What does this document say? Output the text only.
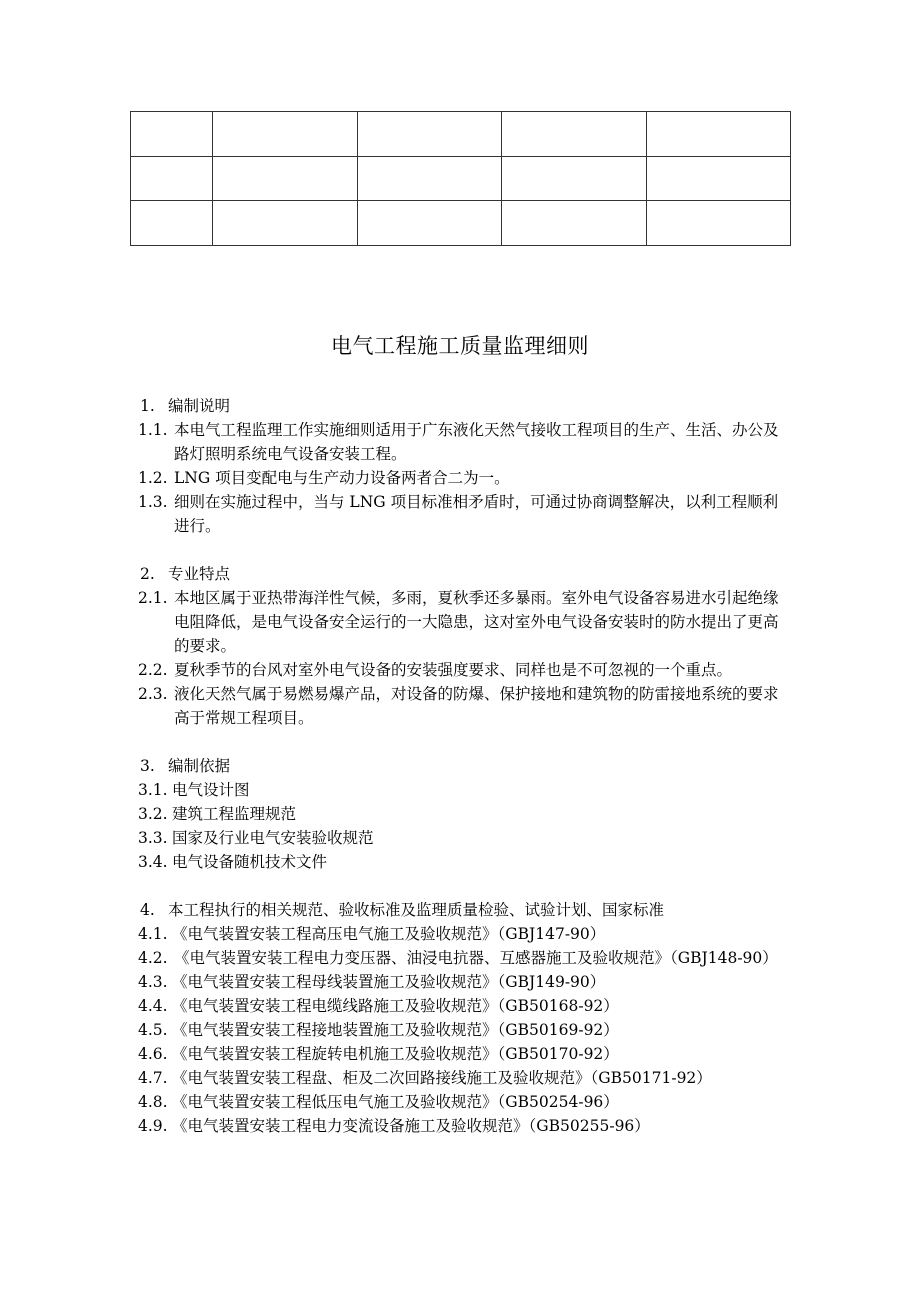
电气工程施工质量监理细则
1. 编制说明
1.1. 本电气工程监理工作实施细则适用于广东液化天然气接收工程项目的生产、生活、办公及路灯照明系统电气设备安装工程。
1.2. LNG 项目变配电与生产动力设备两者合二为一。
1.3. 细则在实施过程中，当与 LNG 项目标准相矛盾时，可通过协商调整解决，以利工程顺利进行。
2. 专业特点
2.1. 本地区属于亚热带海洋性气候，多雨，夏秋季还多暴雨。室外电气设备容易进水引起绝缘电阻降低，是电气设备安全运行的一大隐患，这对室外电气设备安装时的防水提出了更高的要求。
2.2. 夏秋季节的台风对室外电气设备的安装强度要求、同样也是不可忽视的一个重点。
2.3. 液化天然气属于易燃易爆产品，对设备的防爆、保护接地和建筑物的防雷接地系统的要求高于常规工程项目。
3. 编制依据
3.1. 电气设计图
3.2. 建筑工程监理规范
3.3. 国家及行业电气安装验收规范
3.4. 电气设备随机技术文件
4. 本工程执行的相关规范、验收标准及监理质量检验、试验计划、国家标准
4.1. 《电气装置安装工程高压电气施工及验收规范》（GBJ147-90）
4.2. 《电气装置安装工程电力变压器、油浸电抗器、互感器施工及验收规范》（GBJ148-90）
4.3. 《电气装置安装工程母线装置施工及验收规范》（GBJ149-90）
4.4. 《电气装置安装工程电缆线路施工及验收规范》（GB50168-92）
4.5. 《电气装置安装工程接地装置施工及验收规范》（GB50169-92）
4.6. 《电气装置安装工程旋转电机施工及验收规范》（GB50170-92）
4.7. 《电气装置安装工程盘、柜及二次回路接线施工及验收规范》（GB50171-92）
4.8. 《电气装置安装工程低压电气施工及验收规范》（GB50254-96）
4.9. 《电气装置安装工程电力变流设备施工及验收规范》（GB50255-96）
